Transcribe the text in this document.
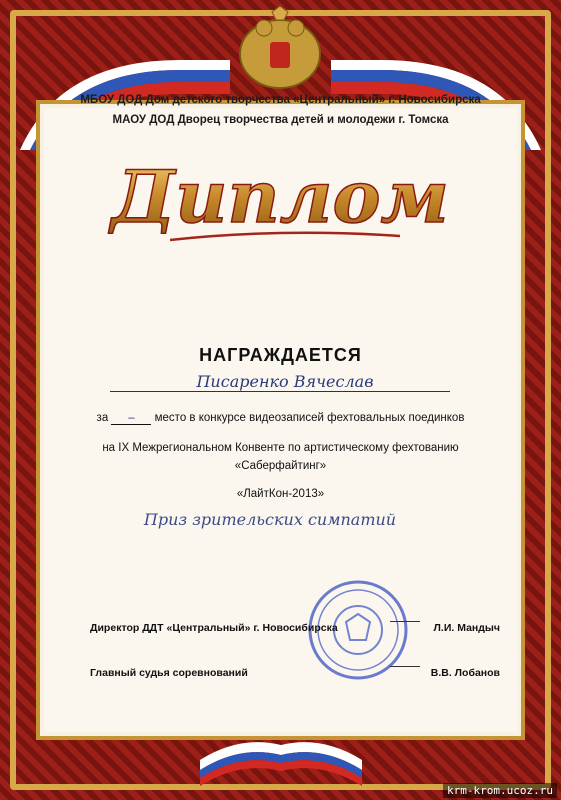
МБОУ ДОД Дом детского творчества «Центральный» г. Новосибирска
МАОУ ДОД Дворец творчества детей и молодежи г. Томска
Диплом
НАГРАЖДАЕТСЯ
Писаренко Вячеслав
за – место в конкурсе видеозаписей фехтовальных поединков
на IX Межрегиональном Конвенте по артистическому фехтованию
«Саберфайтинг»
«ЛайтКон-2013»
Приз зрительских симпатий
Директор ДДТ «Центральный» г. Новосибирска	Л.И. Мандыч
Главный судья соревнований	В.В. Лобанов
krm-krom.ucoz.ru
